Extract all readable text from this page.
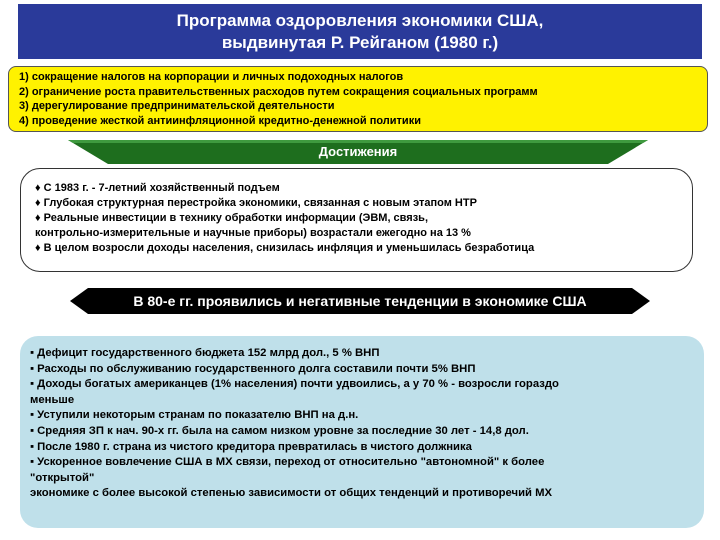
Программа оздоровления экономики США,
выдвинутая Р. Рейганом (1980 г.)
1) сокращение налогов на корпорации и личных подоходных налогов
2) ограничение роста правительственных расходов путем сокращения социальных программ
3) дерегулирование предпринимательской деятельности
4) проведение жесткой антиинфляционной кредитно-денежной политики
Достижения
♦ С 1983 г. - 7-летний хозяйственный подъем
♦ Глубокая структурная перестройка экономики, связанная с новым этапом НТР
♦ Реальные инвестиции в технику обработки информации (ЭВМ, связь,
контрольно-измерительные и научные приборы) возрастали ежегодно на 13 %
♦ В целом возросли доходы населения, снизилась инфляция и уменьшилась безработица
В 80-е гг. проявились и негативные тенденции в экономике США
▪ Дефицит государственного бюджета 152 млрд дол., 5 % ВНП
▪ Расходы по обслуживанию государственного долга составили почти 5% ВНП
▪ Доходы богатых американцев (1% населения) почти удвоились, а у 70 % - возросли гораздо
меньше
▪ Уступили некоторым странам по показателю ВНП на д.н.
▪ Средняя ЗП к нач. 90-х гг. была на самом низком уровне за последние 30 лет - 14,8 дол.
▪ После 1980 г. страна из чистого кредитора превратилась в чистого должника
▪ Ускоренное вовлечение США в МХ связи, переход от относительно "автономной" к более
"открытой"
экономике с более высокой степенью зависимости от общих тенденций и противоречий МХ
